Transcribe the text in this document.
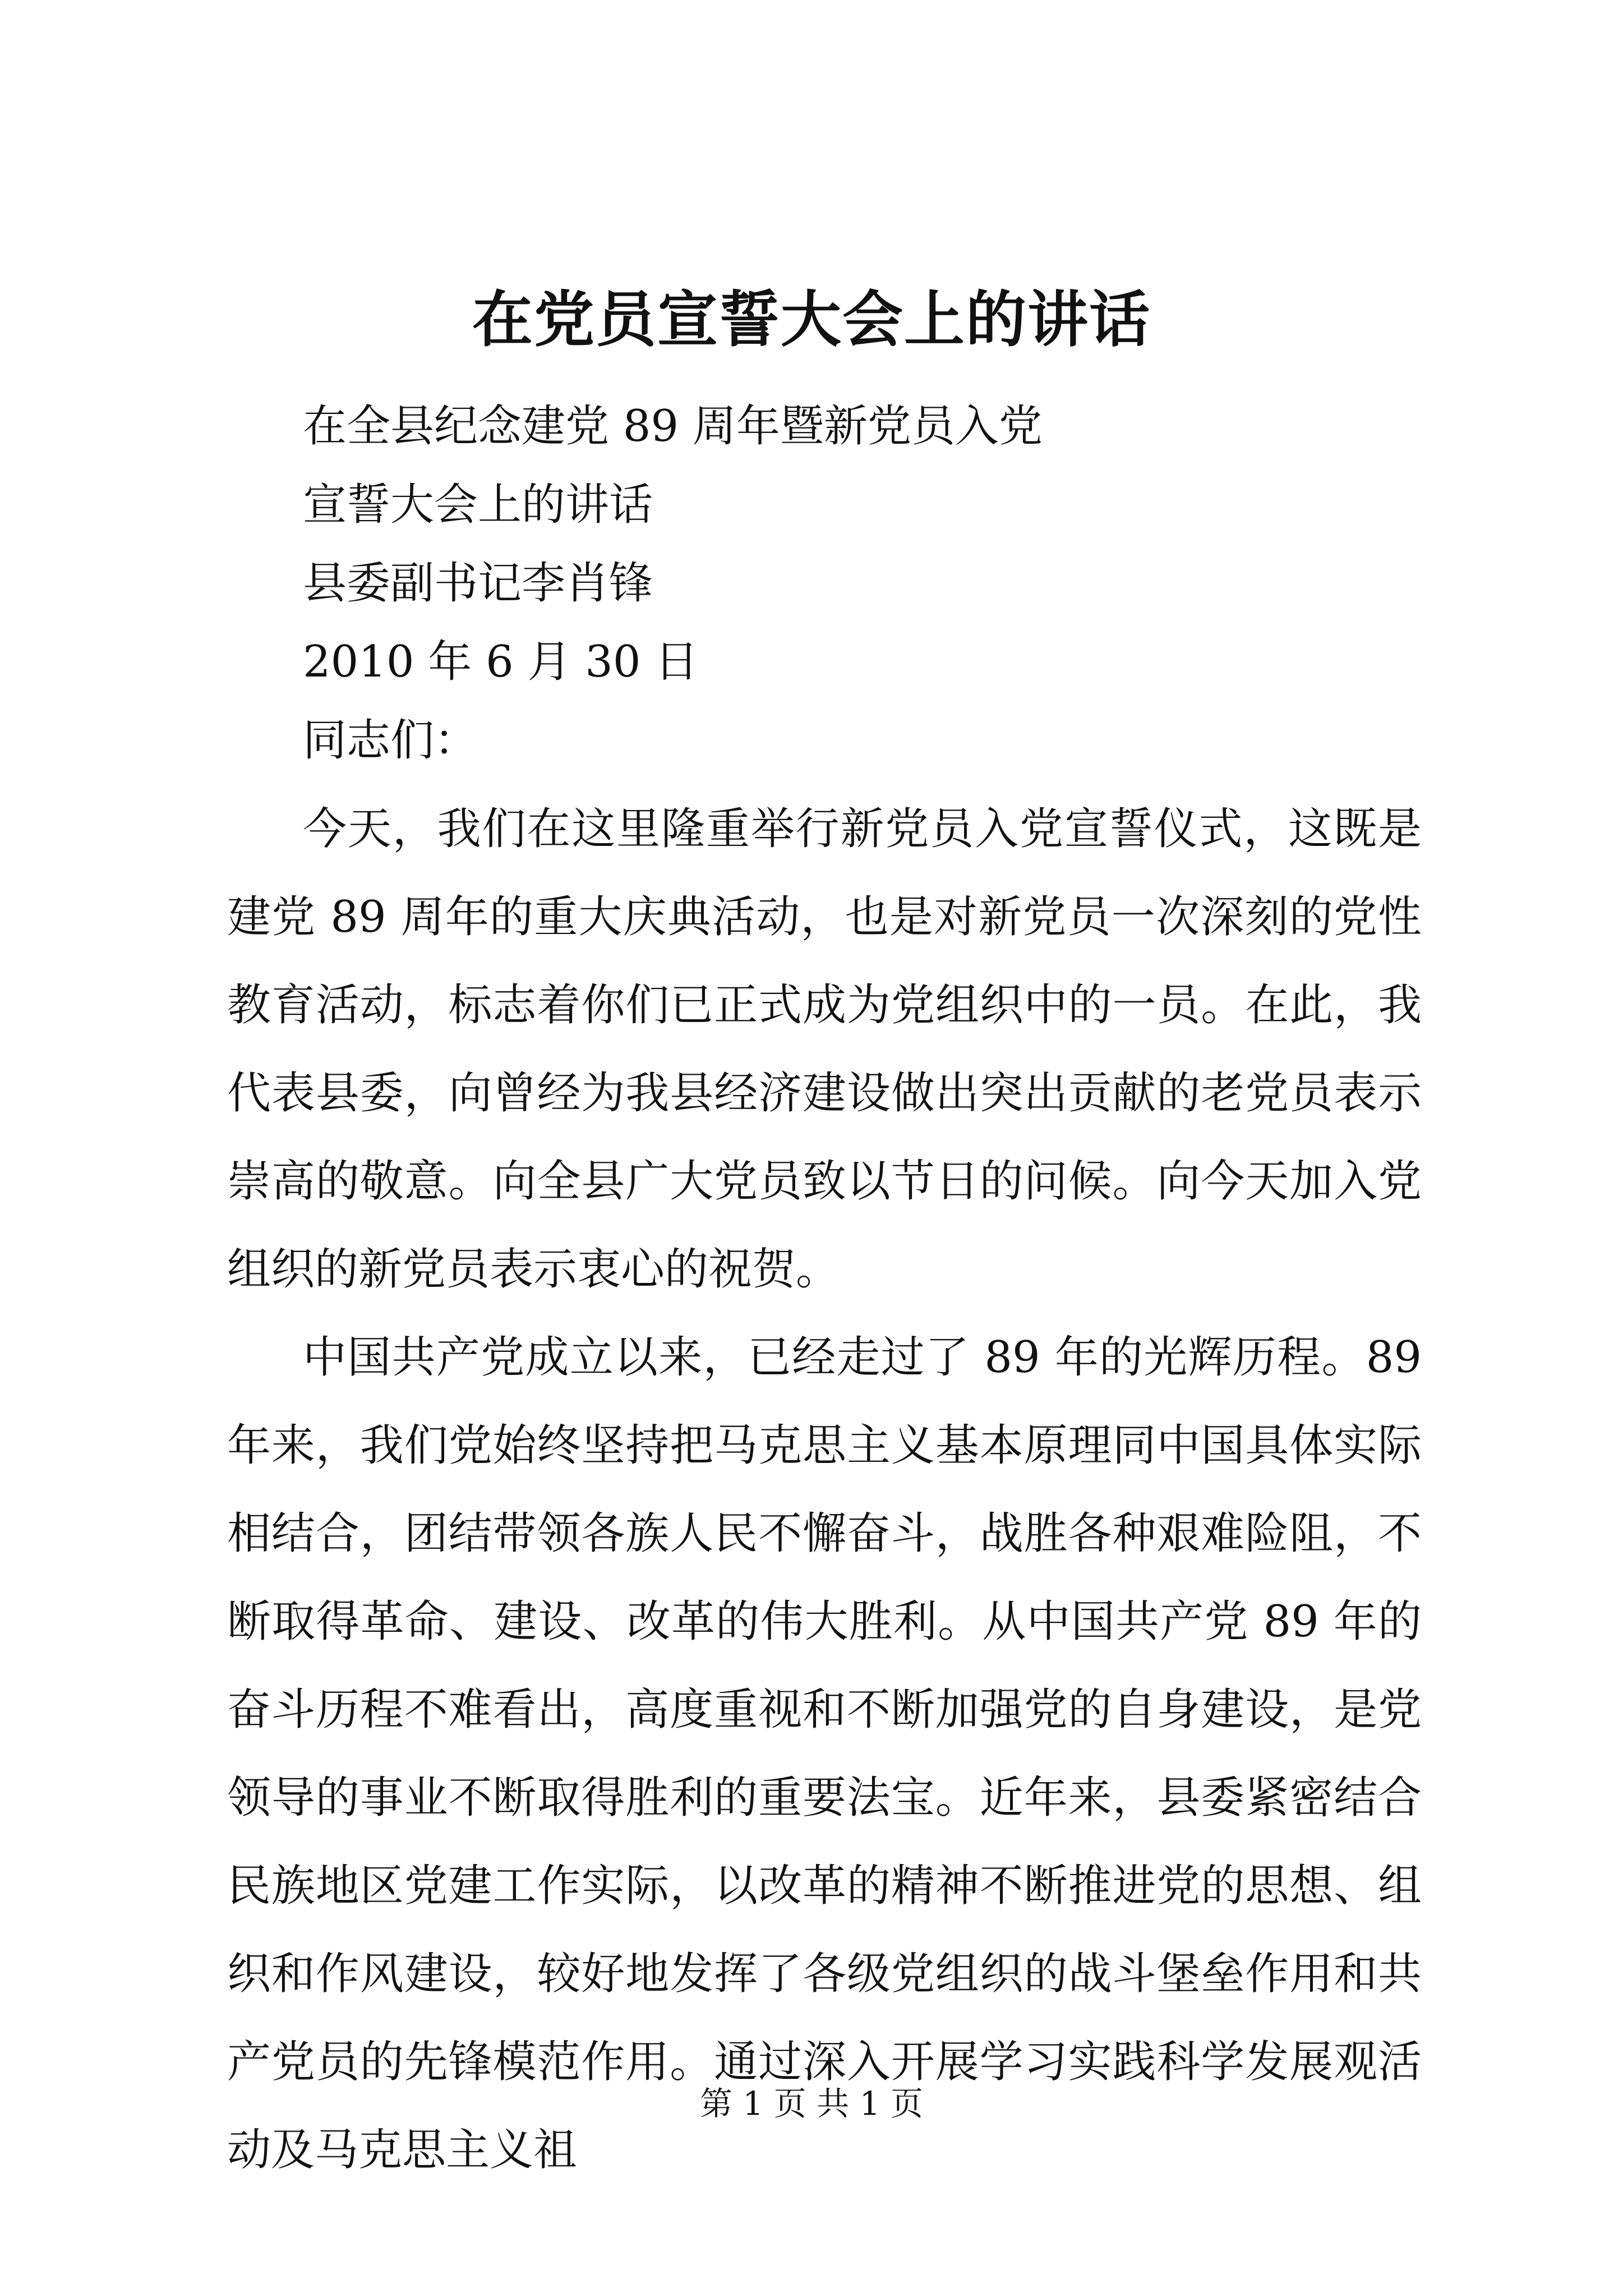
在党员宣誓大会上的讲话
在全县纪念建党 89 周年暨新党员入党
宣誓大会上的讲话
县委副书记李肖锋
2010 年 6 月 30 日
同志们：

今天，我们在这里隆重举行新党员入党宣誓仪式，这既是建党 89 周年的重大庆典活动，也是对新党员一次深刻的党性教育活动，标志着你们已正式成为党组织中的一员。在此，我代表县委，向曾经为我县经济建设做出突出贡献的老党员表示崇高的敬意。向全县广大党员致以节日的问候。向今天加入党组织的新党员表示衷心的祝贺。

中国共产党成立以来，已经走过了 89 年的光辉历程。89 年来，我们党始终坚持把马克思主义基本原理同中国具体实际相结合，团结带领各族人民不懈奋斗，战胜各种艰难险阻，不断取得革命、建设、改革的伟大胜利。从中国共产党 89 年的奋斗历程不难看出，高度重视和不断加强党的自身建设，是党领导的事业不断取得胜利的重要法宝。近年来，县委紧密结合民族地区党建工作实际，以改革的精神不断推进党的思想、组织和作风建设，较好地发挥了各级党组织的战斗堡垒作用和共产党员的先锋模范作用。通过深入开展学习实践科学发展观活动及马克思主义祖

第 1 页 共 1 页
